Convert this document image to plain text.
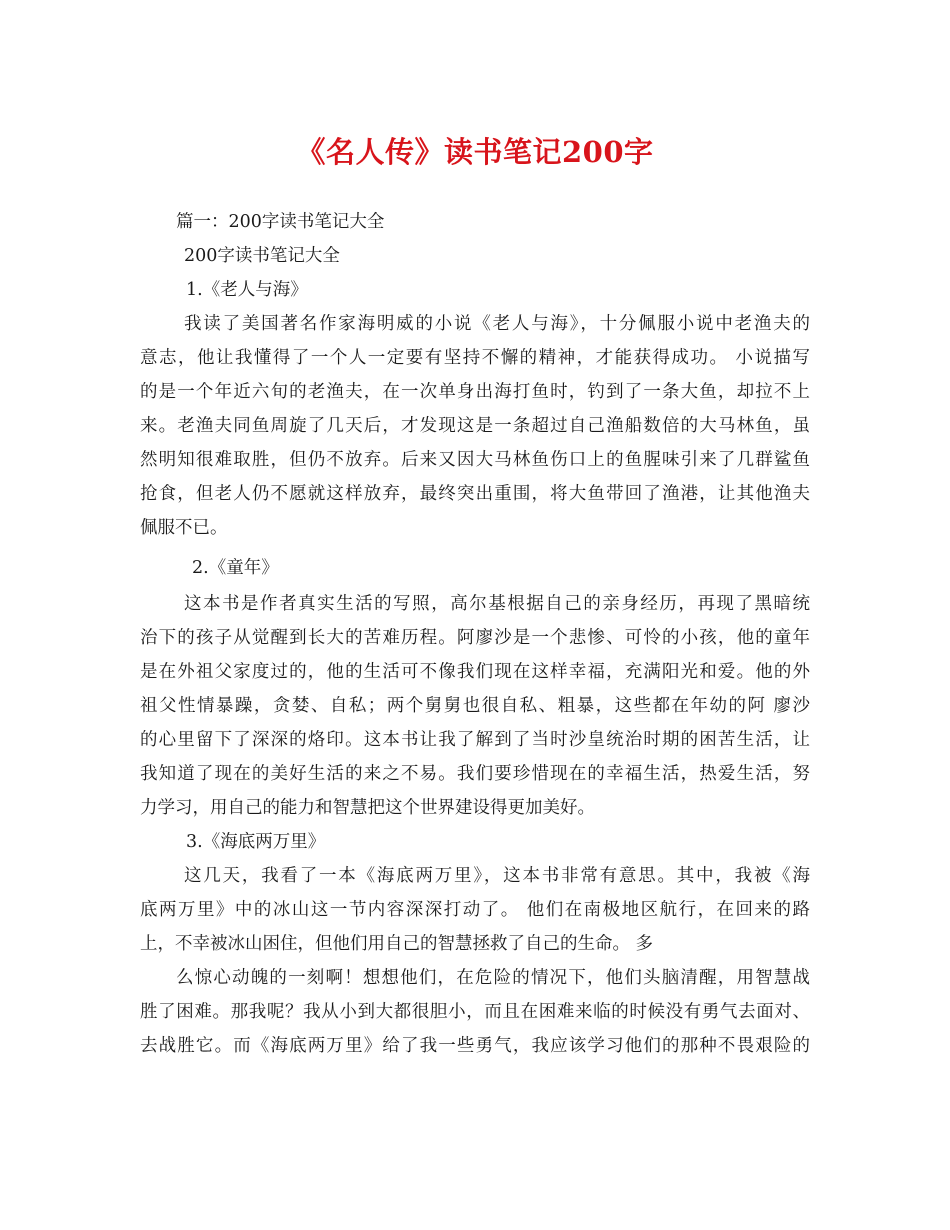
《名人传》读书笔记200字
篇一：200字读书笔记大全
200字读书笔记大全
1.《老人与海》
我读了美国著名作家海明威的小说《老人与海》，十分佩服小说中老渔夫的
意志，他让我懂得了一个人一定要有坚持不懈的精神，才能获得成功。 小说描写
的是一个年近六旬的老渔夫，在一次单身出海打鱼时，钓到了一条大鱼，却拉不上
来。老渔夫同鱼周旋了几天后，才发现这是一条超过自己渔船数倍的大马林鱼，虽
然明知很难取胜，但仍不放弃。后来又因大马林鱼伤口上的鱼腥味引来了几群鲨鱼
抢食，但老人仍不愿就这样放弃，最终突出重围，将大鱼带回了渔港，让其他渔夫
佩服不已。
2.《童年》
这本书是作者真实生活的写照，高尔基根据自己的亲身经历，再现了黑暗统
治下的孩子从觉醒到长大的苦难历程。阿廖沙是一个悲惨、可怜的小孩，他的童年
是在外祖父家度过的，他的生活可不像我们现在这样幸福，充满阳光和爱。他的外
祖父性情暴躁，贪婪、自私；两个舅舅也很自私、粗暴，这些都在年幼的阿 廖沙
的心里留下了深深的烙印。这本书让我了解到了当时沙皇统治时期的困苦生活，让
我知道了现在的美好生活的来之不易。我们要珍惜现在的幸福生活，热爱生活，努
力学习，用自己的能力和智慧把这个世界建设得更加美好。
3.《海底两万里》
这几天，我看了一本《海底两万里》，这本书非常有意思。其中，我被《海
底两万里》中的冰山这一节内容深深打动了。 他们在南极地区航行，在回来的路
上，不幸被冰山困住，但他们用自己的智慧拯救了自己的生命。 多
么惊心动魄的一刻啊！想想他们，在危险的情况下，他们头脑清醒，用智慧战
胜了困难。那我呢？我从小到大都很胆小，而且在困难来临的时候没有勇气去面对、
去战胜它。而《海底两万里》给了我一些勇气，我应该学习他们的那种不畏艰险的
